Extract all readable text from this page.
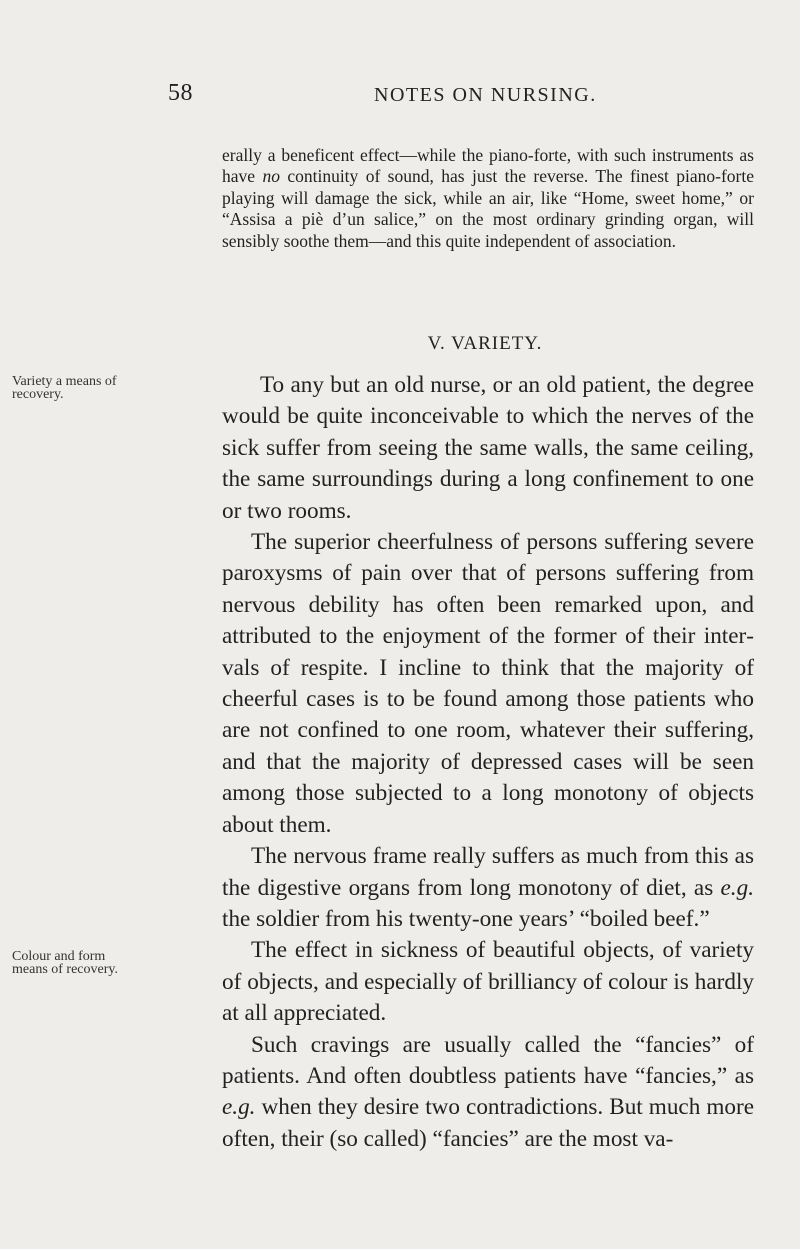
58	NOTES ON NURSING.
erally a beneficent effect—while the piano-forte, with such instruments as have no continuity of sound, has just the reverse. The finest piano-forte playing will damage the sick, while an air, like “Home, sweet home,” or “Assisa a piè d’un salice,” on the most ordinary grinding organ, will sensibly soothe them—and this quite independent of association.
V. VARIETY.
Variety a means of recovery.
Colour and form means of recovery.

To any but an old nurse, or an old patient, the degree would be quite inconceivable to which the nerves of the sick suffer from seeing the same walls, the same ceiling, the same surroundings during a long confinement to one or two rooms.

The superior cheerfulness of persons suffering severe paroxysms of pain over that of persons suffering from nervous debility has often been remarked upon, and attributed to the enjoyment of the former of their intervals of respite. I incline to think that the majority of cheerful cases is to be found among those patients who are not confined to one room, whatever their suffering, and that the majority of depressed cases will be seen among those subjected to a long monotony of objects about them.

The nervous frame really suffers as much from this as the digestive organs from long monotony of diet, as e.g. the soldier from his twenty-one years’ “boiled beef.”

The effect in sickness of beautiful objects, of variety of objects, and especially of brilliancy of colour is hardly at all appreciated.

Such cravings are usually called the “fancies” of patients. And often doubtless patients have “fancies,” as e.g. when they desire two contradictions. But much more often, their (so called) “fancies” are the most va-
